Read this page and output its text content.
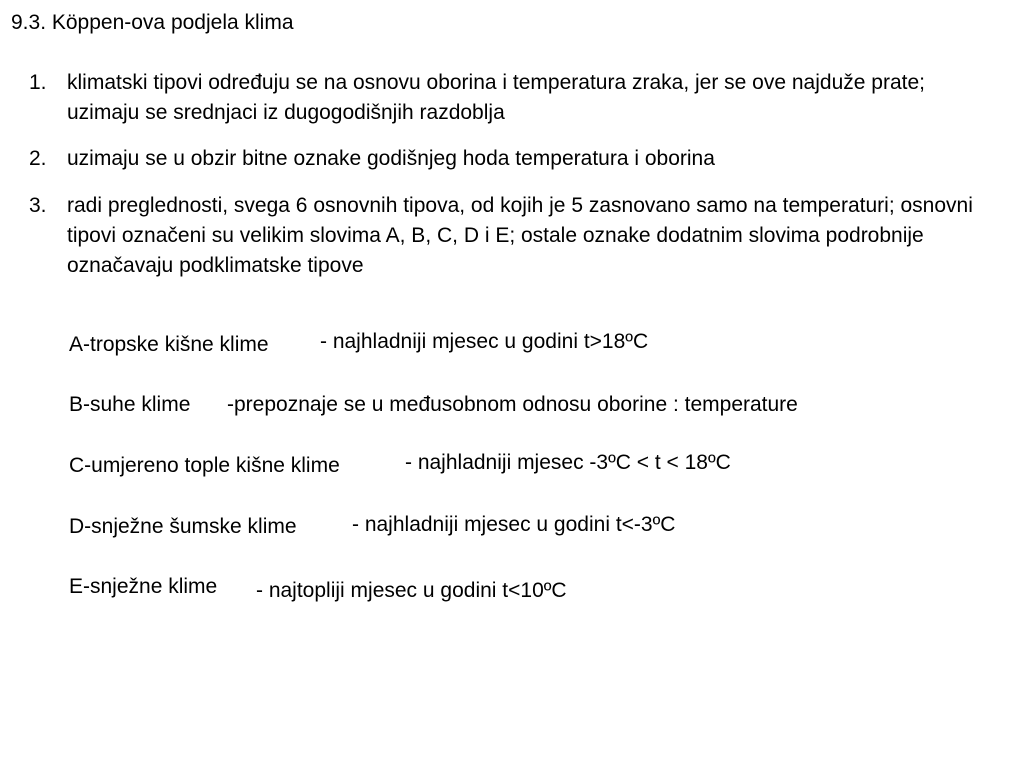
9.3. Köppen-ova podjela klima
1. klimatski tipovi određuju se na osnovu oborina i temperatura zraka, jer se ove najduže prate; uzimaju se srednjaci iz dugogodišnjih razdoblja
2. uzimaju se u obzir bitne oznake godišnjeg hoda temperatura i oborina
3. radi preglednosti, svega 6 osnovnih tipova, od kojih je 5 zasnovano samo na temperaturi; osnovni tipovi označeni su velikim slovima A, B, C, D i E; ostale oznake dodatnim slovima podrobnije označavaju podklimatske tipove
A-tropske kišne klime - najhladniji mjesec u godini t>18ºC
B-suhe klime -prepoznaje se u međusobnom odnosu oborine : temperature
C-umjereno tople kišne klime	- najhladniji mjesec -3ºC < t < 18ºC
D-snježne šumske klime	- najhladniji mjesec u godini t<-3ºC
E-snježne klime - najtopliji mjesec u godini t<10ºC
